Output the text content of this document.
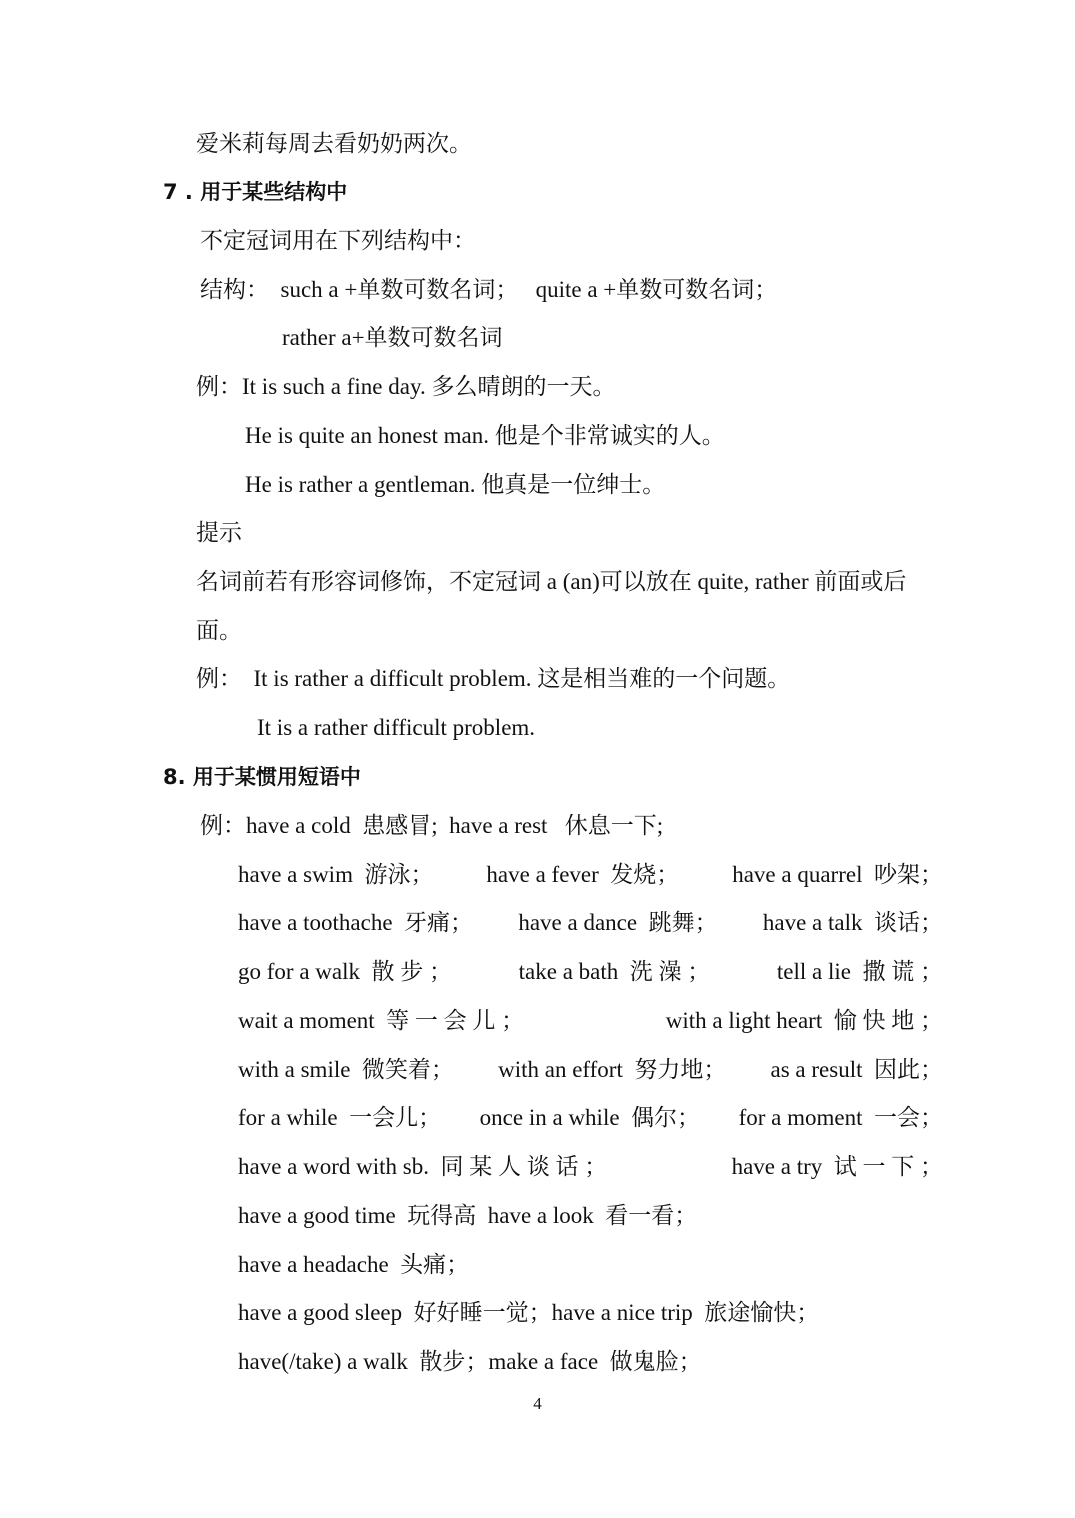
爱米莉每周去看奶奶两次。
7 . 用于某些结构中
不定冠词用在下列结构中：
结构：  such a +单数可数名词；   quite a +单数可数名词；
rather a+单数可数名词
例：It is such a fine day. 多么晴朗的一天。
He is quite an honest man. 他是个非常诚实的人。
He is rather a gentleman. 他真是一位绅士。
提示
名词前若有形容词修饰，不定冠词 a (an)可以放在 quite, rather 前面或后
面。
例：  It is rather a difficult problem. 这是相当难的一个问题。
It is a rather difficult problem.
8. 用于某惯用短语中
例：have a cold  患感冒;  have a rest   休息一下;
have a swim  游泳； have a fever  发烧； have a quarrel  吵架；
have a toothache  牙痛； have a dance  跳舞； have a talk  谈话；
go for a walk  散 步 ；	take a bath  洗 澡 ；	tell a lie  撒 谎 ；
wait a moment  等 一 会 儿 ；	with a light heart  愉 快 地 ；
with a smile  微笑着； with an effort  努力地； as a result  因此；
for a while  一会儿； once in a while  偶尔； for a moment  一会；
have a word with sb.  同 某 人 谈 话 ；	have a try  试 一 下 ；
have a good time  玩得高  have a look  看一看；
have a headache  头痛；
have a good sleep  好好睡一觉；have a nice trip  旅途愉快；
have(/take) a walk  散步；make a face  做鬼脸；
4
